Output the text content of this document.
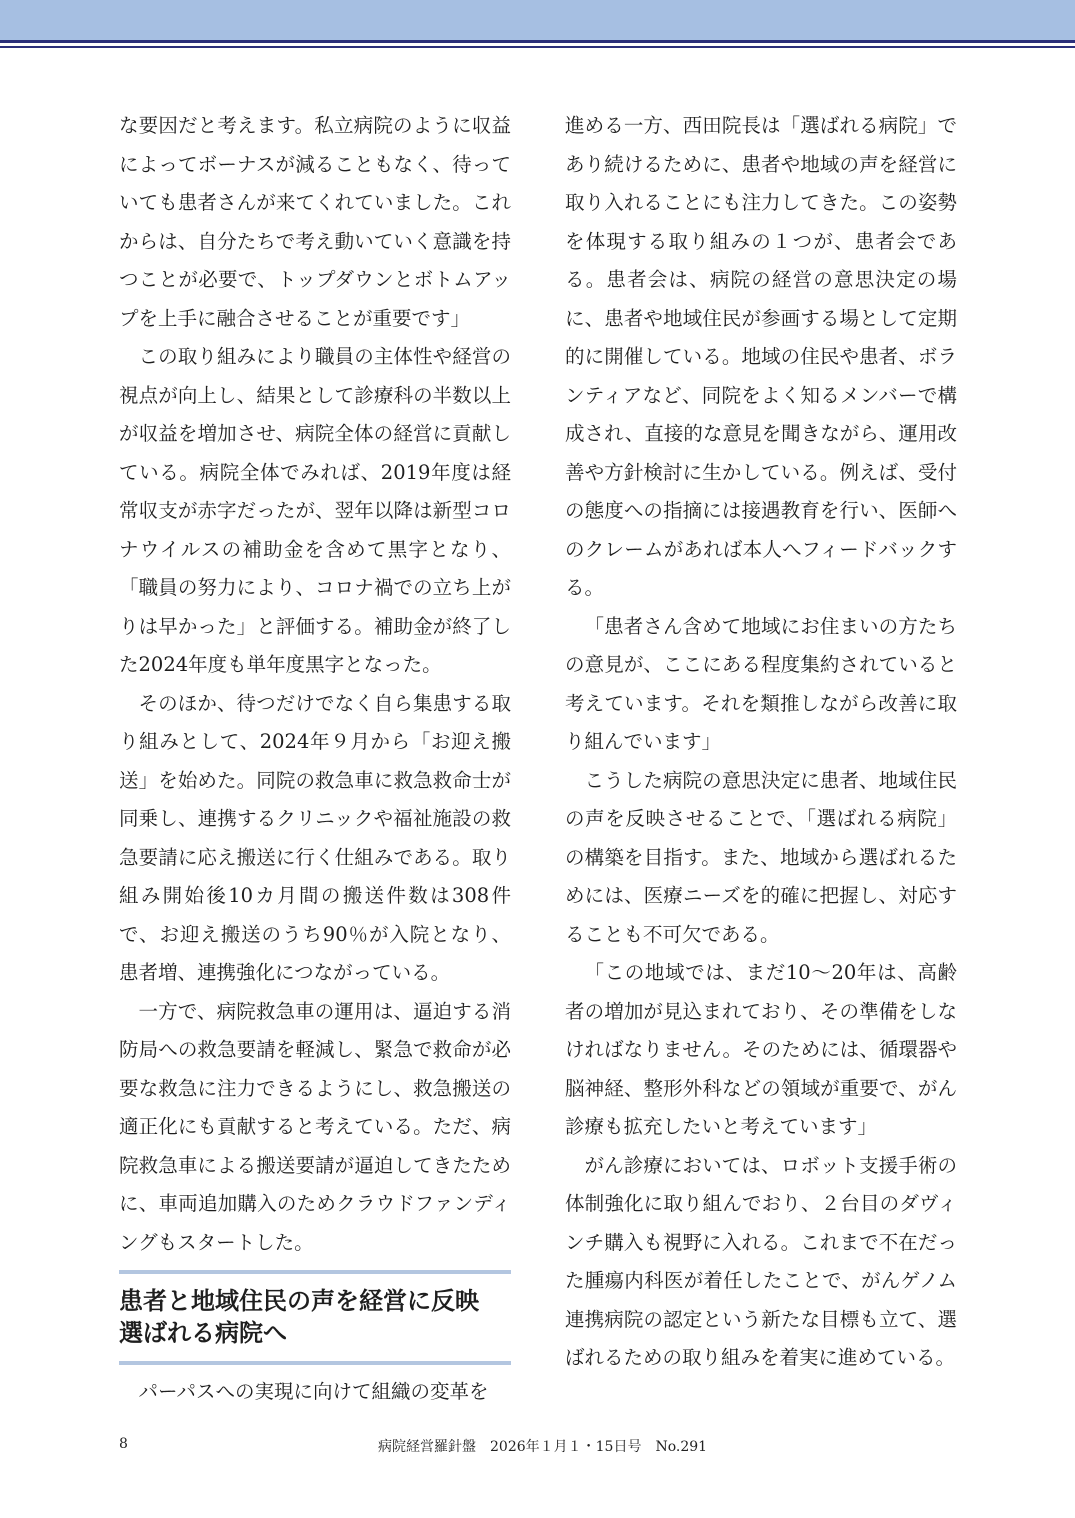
な要因だと考えます。私立病院のように収益によってボーナスが減ることもなく、待っていても患者さんが来てくれていました。これからは、自分たちで考え動いていく意識を持つことが必要で、トップダウンとボトムアップを上手に融合させることが重要です」

この取り組みにより職員の主体性や経営の視点が向上し、結果として診療科の半数以上が収益を増加させ、病院全体の経営に貢献している。病院全体でみれば、2019年度は経常収支が赤字だったが、翌年以降は新型コロナウイルスの補助金を含めて黒字となり、「職員の努力により、コロナ禍での立ち上がりは早かった」と評価する。補助金が終了した2024年度も単年度黒字となった。

そのほか、待つだけでなく自ら集患する取り組みとして、2024年９月から「お迎え搬送」を始めた。同院の救急車に救急救命士が同乗し、連携するクリニックや福祉施設の救急要請に応え搬送に行く仕組みである。取り組み開始後10カ月間の搬送件数は308件で、お迎え搬送のうち90％が入院となり、患者増、連携強化につながっている。

一方で、病院救急車の運用は、逼迫する消防局への救急要請を軽減し、緊急で救命が必要な救急に注力できるようにし、救急搬送の適正化にも貢献すると考えている。ただ、病院救急車による搬送要請が逼迫してきたために、車両追加購入のためクラウドファンディングもスタートした。

患者と地域住民の声を経営に反映
選ばれる病院へ

パーパスへの実現に向けて組織の変革を

進める一方、西田院長は「選ばれる病院」であり続けるために、患者や地域の声を経営に取り入れることにも注力してきた。この姿勢を体現する取り組みの１つが、患者会である。患者会は、病院の経営の意思決定の場に、患者や地域住民が参画する場として定期的に開催している。地域の住民や患者、ボランティアなど、同院をよく知るメンバーで構成され、直接的な意見を聞きながら、運用改善や方針検討に生かしている。例えば、受付の態度への指摘には接遇教育を行い、医師へのクレームがあれば本人へフィードバックする。

「患者さん含めて地域にお住まいの方たちの意見が、ここにある程度集約されていると考えています。それを類推しながら改善に取り組んでいます」

こうした病院の意思決定に患者、地域住民の声を反映させることで、「選ばれる病院」の構築を目指す。また、地域から選ばれるためには、医療ニーズを的確に把握し、対応することも不可欠である。

「この地域では、まだ10～20年は、高齢者の増加が見込まれており、その準備をしなければなりません。そのためには、循環器や脳神経、整形外科などの領域が重要で、がん診療も拡充したいと考えています」

がん診療においては、ロボット支援手術の体制強化に取り組んでおり、２台目のダヴィンチ購入も視野に入れる。これまで不在だった腫瘍内科医が着任したことで、がんゲノム連携病院の認定という新たな目標も立て、選ばれるための取り組みを着実に進めている。

8	病院経営羅針盤　2026年１月１・15日号　No.291
